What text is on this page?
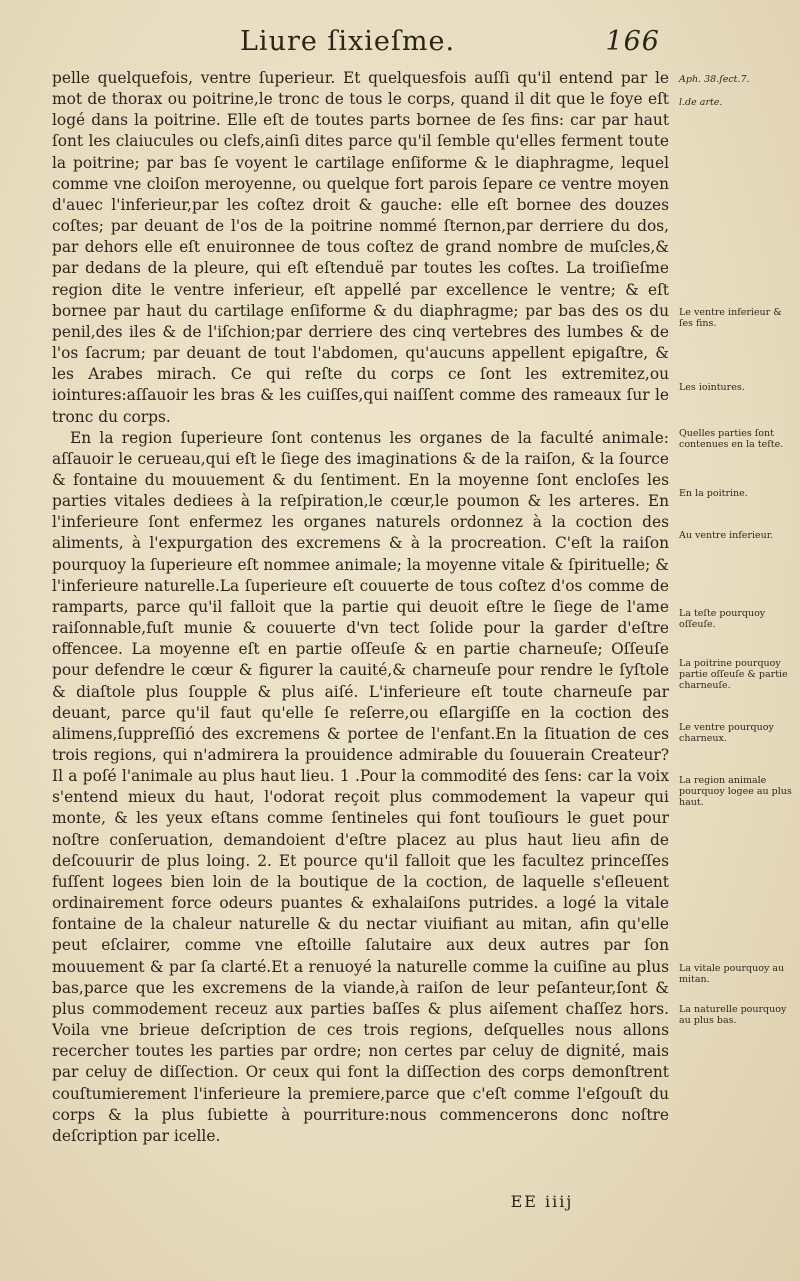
Liure ſixieſme.	166

pelle quelquefois, ventre ſuperieur. Et quelquesfois auſſi qu'il entend par le mot de thorax ou poitrine,le tronc de tous le corps, quand il dit que le foye eſt logé dans la poitrine. Elle eſt de toutes parts bornee de ſes fins: car par haut ſont les claiucules ou clefs,ainſi dites parce qu'il ſemble qu'elles ferment toute la poitrine; par bas ſe voyent le cartilage enſiforme & le diaphragme, lequel comme vne cloiſon meroyenne, ou quelque fort parois ſepare ce ventre moyen d'auec l'inferieur,par les coſtez droit & gauche: elle eſt bornee des douzes coſtes; par deuant de l'os de la poitrine nommé ſternon,par derriere du dos, par dehors elle eſt enuironnee de tous coſtez de grand nombre de muſcles,& par dedans de la pleure, qui eſt eſtenduë par toutes les coſtes. La troiſieſme region dite le ventre inferieur, eſt appellé par excellence le ventre; & eſt bornee par haut du cartilage enſiforme & du diaphragme; par bas des os du penil,des iles & de l'iſchion;par derriere des cinq vertebres des lumbes & de l'os ſacrum; par deuant de tout l'abdomen, qu'aucuns appellent epigaſtre, & les Arabes mirach. Ce qui reſte du corps ce ſont les extremitez,ou iointures:aſſauoir les bras & les cuiſſes,qui naiſſent comme des rameaux ſur le tronc du corps.

En la region ſuperieure ſont contenus les organes de la faculté animale: aſſauoir le cerueau,qui eſt le ſiege des imaginations & de la raiſon, & la ſource & fontaine du mouuement & du ſentiment. En la moyenne ſont encloſes les parties vitales dediees à la reſpiration,le cœur,le poumon & les arteres. En l'inferieure ſont enfermez les organes naturels ordonnez à la coction des aliments, à l'expurgation des excremens & à la procreation. C'eſt la raiſon pourquoy la ſuperieure eſt nommee animale; la moyenne vitale & ſpirituelle; & l'inferieure naturelle.La ſuperieure eſt couuerte de tous coſtez d'os comme de ramparts, parce qu'il falloit que la partie qui deuoit eſtre le ſiege de l'ame raiſonnable,fuſt munie & couuerte d'vn tect ſolide pour la garder d'eſtre offencee. La moyenne eſt en partie oſſeuſe & en partie charneuſe; Oſſeuſe pour defendre le cœur & figurer la cauité,& charneuſe pour rendre le ſyſtole & diaſtole plus ſoupple & plus aiſé. L'inferieure eſt toute charneuſe par deuant, parce qu'il faut qu'elle ſe reſerre,ou eſlargiſſe en la coction des alimens,ſuppreſſió des excremens & portee de l'enfant.En la ſituation de ces trois regions, qui n'admirera la prouidence admirable du ſouuerain Createur?Il a poſé l'animale au plus haut lieu. 1 .Pour la commodité des ſens: car la voix s'entend mieux du haut, l'odorat reçoit plus commodement la vapeur qui monte, & les yeux eſtans comme ſentineles qui font touſiours le guet pour noſtre conſeruation, demandoient d'eſtre placez au plus haut lieu afin de deſcouurir de plus loing. 2. Et pource qu'il falloit que les facultez princeſſes fuſſent logees bien loin de la boutique de la coction, de laquelle s'eſleuent ordinairement force odeurs puantes & exhalaiſons putrides. a logé la vitale fontaine de la chaleur naturelle & du nectar viuifiant au mitan, afin qu'elle peut eſclairer, comme vne eſtoille ſalutaire aux deux autres par ſon mouuement & par ſa clarté.Et a renuoyé la naturelle comme la cuiſine au plus bas,parce que les excremens de la viande,à raiſon de leur peſanteur,ſont & plus commodement receuz aux parties baſſes & plus aiſement chaſſez hors. Voila vne brieue deſcription de ces trois regions, deſquelles nous allons recercher toutes les parties par ordre; non certes par celuy de dignité, mais par celuy de diſſection. Or ceux qui font la diſſection des corps demonſtrent couſtumierement l'inferieure la premiere,parce que c'eſt comme l'eſgouſt du corps & la plus ſubiette à pourriture:nous commencerons donc noſtre deſcription par icelle.

Aph. 38.ſect.7.
l.de arte.
Le ventre inferieur & ſes fins.
Les iointures.
Quelles parties ſont contenues en la teſte.
En la poitrine.
Au ventre inferieur.
La teſte pourquoy oſſeuſe.
La poitrine pourquoy partie oſſeuſe & partie charneuſe.
Le ventre pourquoy charneux.
La region animale pourquoy logee au plus haut.
La vitale pourquoy au mitan.
La naturelle pourquoy au plus bas.
EE iiij
